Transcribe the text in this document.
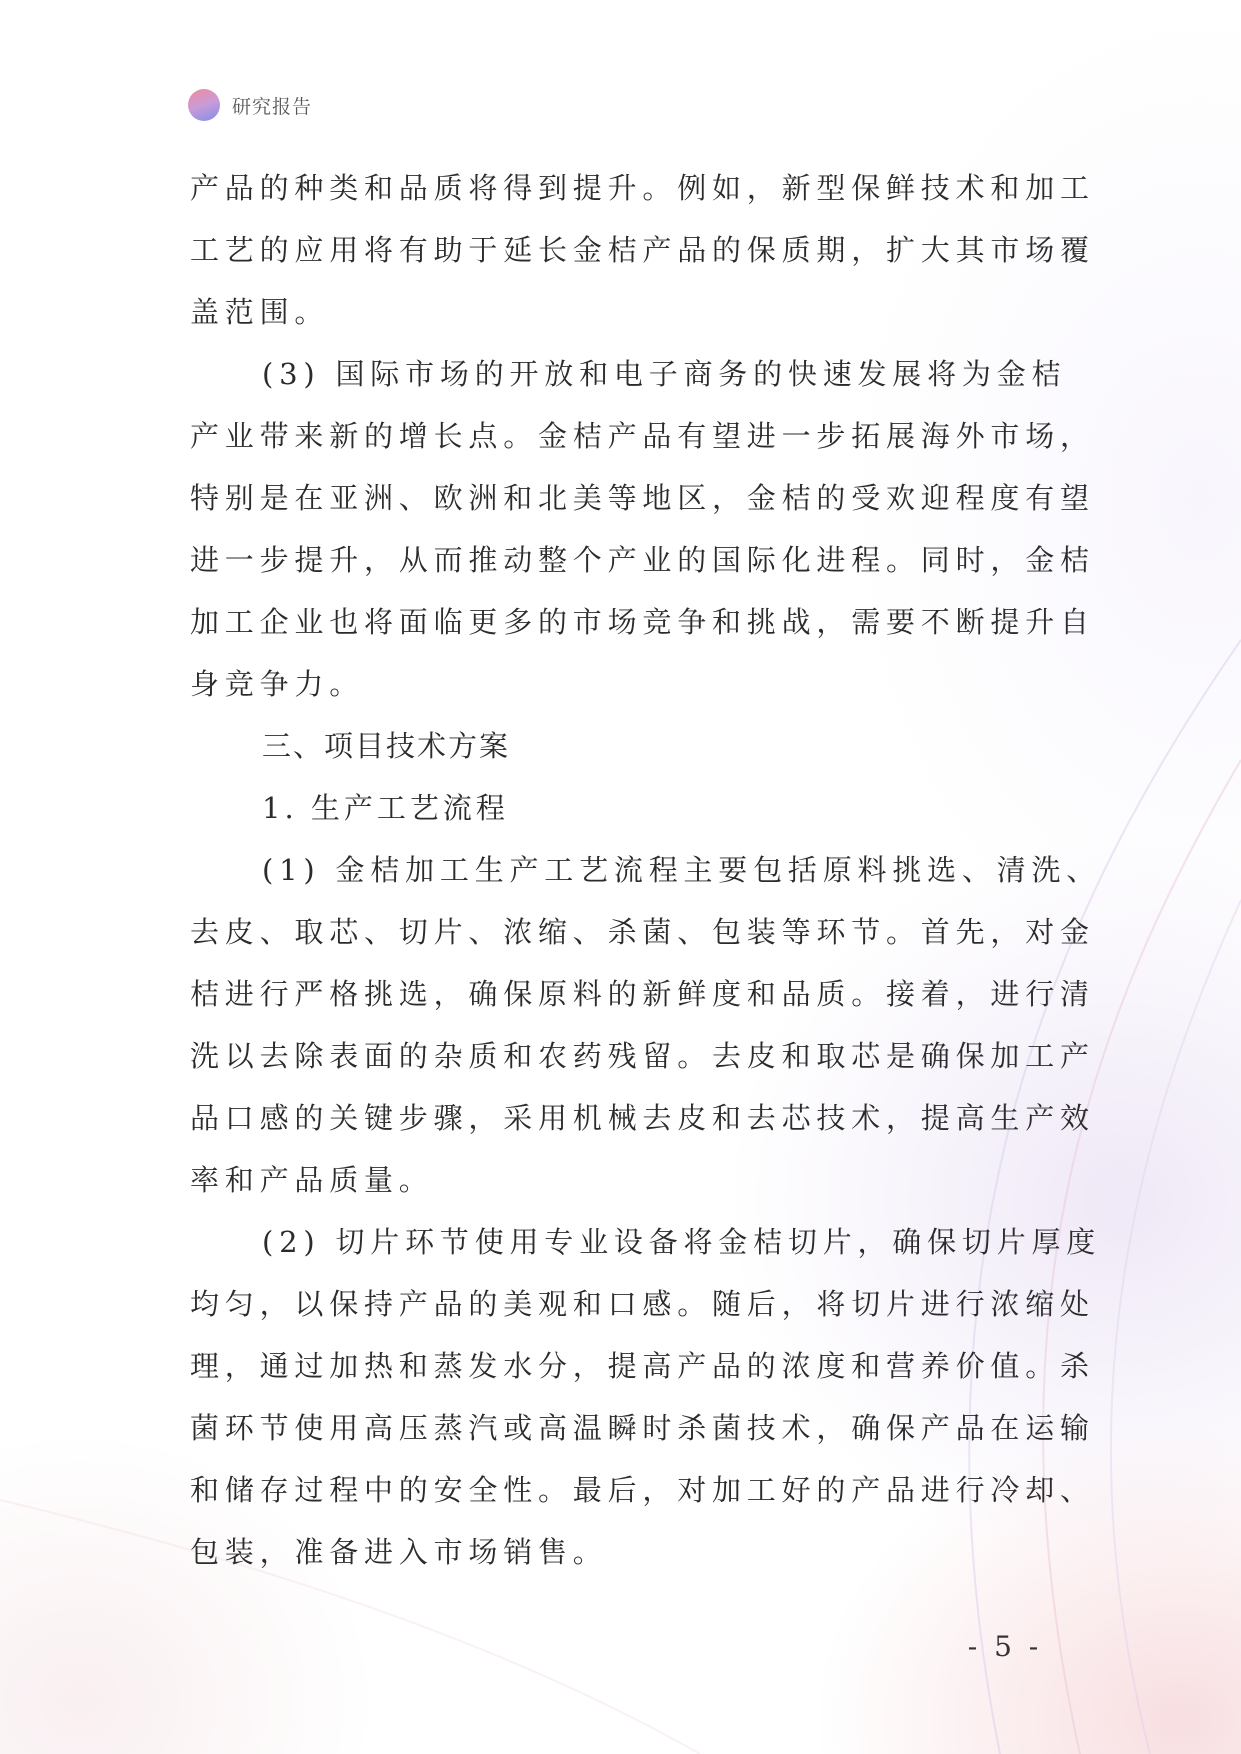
研究报告
产品的种类和品质将得到提升。例如，新型保鲜技术和加工
工艺的应用将有助于延长金桔产品的保质期，扩大其市场覆
盖范围。
(3) 国际市场的开放和电子商务的快速发展将为金桔
产业带来新的增长点。金桔产品有望进一步拓展海外市场，
特别是在亚洲、欧洲和北美等地区，金桔的受欢迎程度有望
进一步提升，从而推动整个产业的国际化进程。同时，金桔
加工企业也将面临更多的市场竞争和挑战，需要不断提升自
身竞争力。
三、项目技术方案
1. 生产工艺流程
(1) 金桔加工生产工艺流程主要包括原料挑选、清洗、
去皮、取芯、切片、浓缩、杀菌、包装等环节。首先，对金
桔进行严格挑选，确保原料的新鲜度和品质。接着，进行清
洗以去除表面的杂质和农药残留。去皮和取芯是确保加工产
品口感的关键步骤，采用机械去皮和去芯技术，提高生产效
率和产品质量。
(2) 切片环节使用专业设备将金桔切片，确保切片厚度
均匀，以保持产品的美观和口感。随后，将切片进行浓缩处
理，通过加热和蒸发水分，提高产品的浓度和营养价值。杀
菌环节使用高压蒸汽或高温瞬时杀菌技术，确保产品在运输
和储存过程中的安全性。最后，对加工好的产品进行冷却、
包装，准备进入市场销售。
- 5 -
